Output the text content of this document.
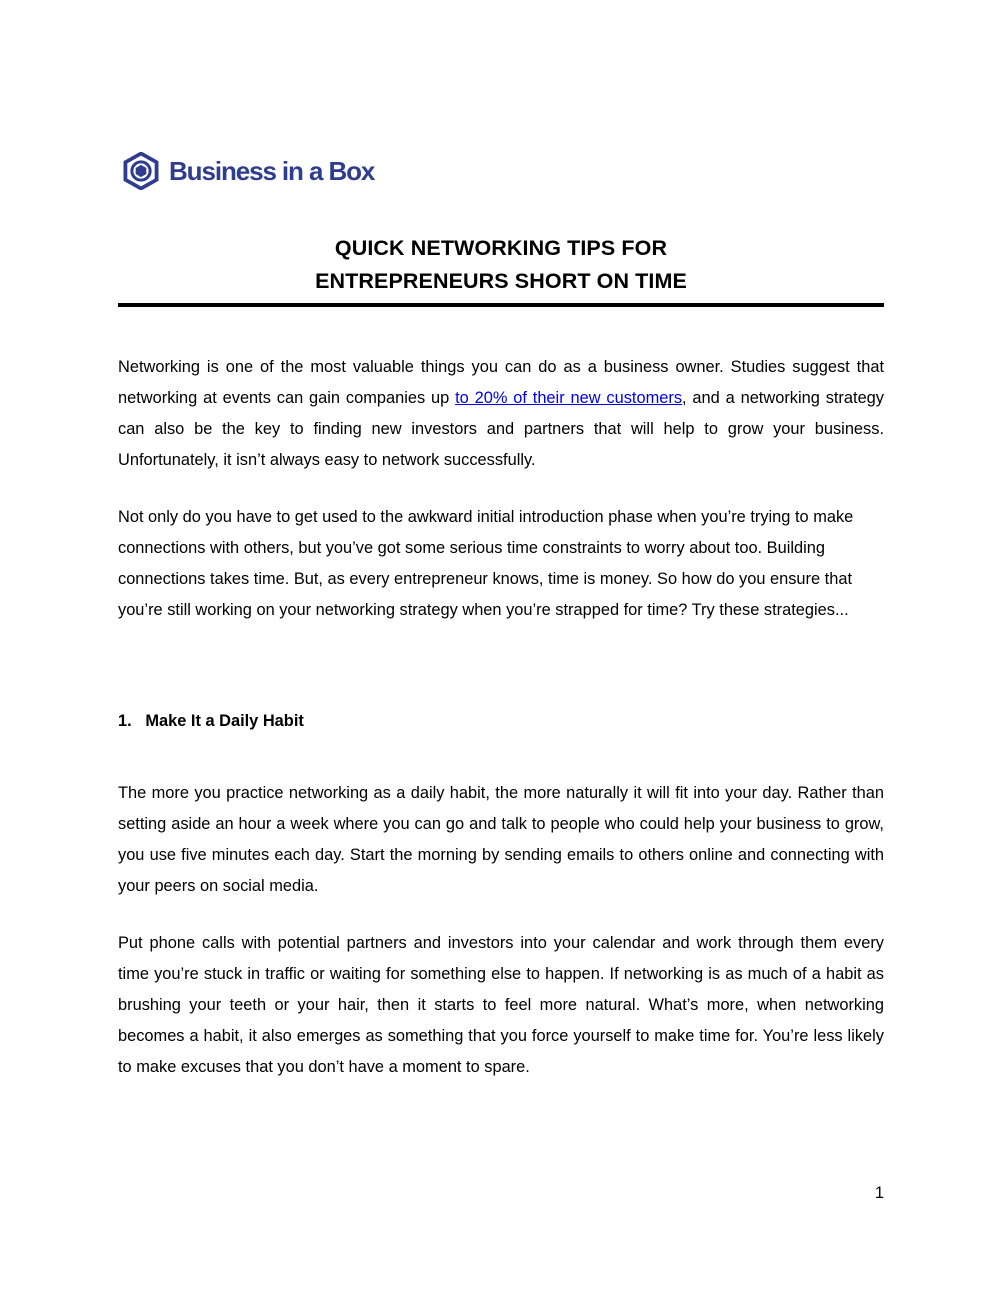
Business in a Box
QUICK NETWORKING TIPS FOR
ENTREPRENEURS SHORT ON TIME

Networking is one of the most valuable things you can do as a business owner. Studies suggest that networking at events can gain companies up to 20% of their new customers, and a networking strategy can also be the key to finding new investors and partners that will help to grow your business. Unfortunately, it isn’t always easy to network successfully.

Not only do you have to get used to the awkward initial introduction phase when you’re trying to make connections with others, but you’ve got some serious time constraints to worry about too. Building connections takes time. But, as every entrepreneur knows, time is money. So how do you ensure that you’re still working on your networking strategy when you’re strapped for time? Try these strategies...

1.   Make It a Daily Habit

The more you practice networking as a daily habit, the more naturally it will fit into your day. Rather than setting aside an hour a week where you can go and talk to people who could help your business to grow, you use five minutes each day. Start the morning by sending emails to others online and connecting with your peers on social media.

Put phone calls with potential partners and investors into your calendar and work through them every time you’re stuck in traffic or waiting for something else to happen. If networking is as much of a habit as brushing your teeth or your hair, then it starts to feel more natural. What’s more, when networking becomes a habit, it also emerges as something that you force yourself to make time for. You’re less likely to make excuses that you don’t have a moment to spare.

1
